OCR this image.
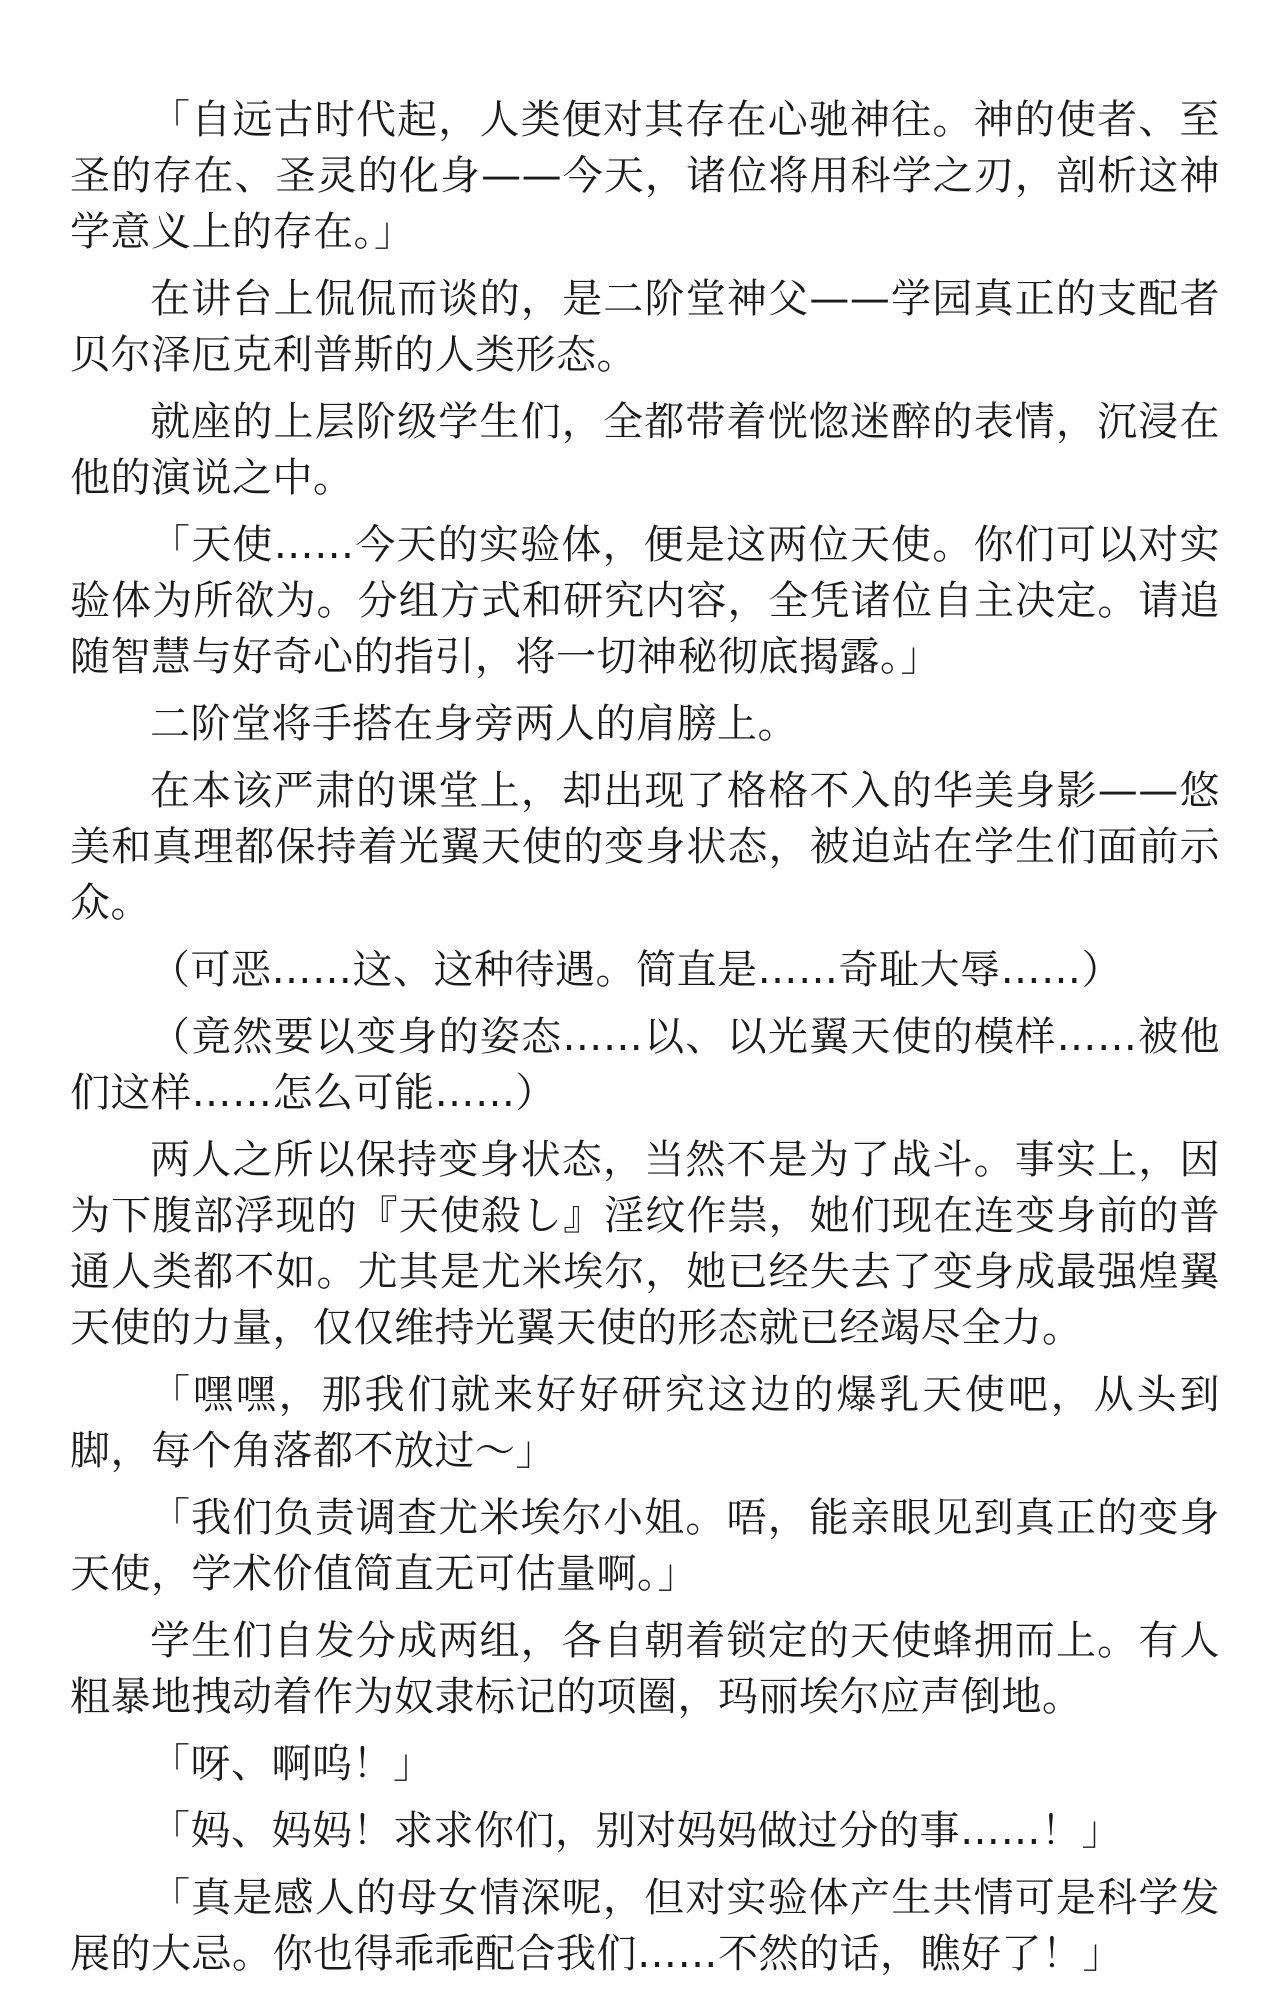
「自远古时代起，人类便对其存在心驰神往。神的使者、至圣的存在、圣灵的化身——今天，诸位将用科学之刃，剖析这神学意义上的存在。」

在讲台上侃侃而谈的，是二阶堂神父——学园真正的支配者贝尔泽厄克利普斯的人类形态。

就座的上层阶级学生们，全都带着恍惚迷醉的表情，沉浸在他的演说之中。

「天使……今天的实验体，便是这两位天使。你们可以对实验体为所欲为。分组方式和研究内容，全凭诸位自主决定。请追随智慧与好奇心的指引，将一切神秘彻底揭露。」

二阶堂将手搭在身旁两人的肩膀上。

在本该严肃的课堂上，却出现了格格不入的华美身影——悠美和真理都保持着光翼天使的变身状态，被迫站在学生们面前示众。

（可恶……这、这种待遇。简直是……奇耻大辱……）

（竟然要以变身的姿态……以、以光翼天使的模样……被他们这样……怎么可能……）

两人之所以保持变身状态，当然不是为了战斗。事实上，因为下腹部浮现的『天使殺し』淫纹作祟，她们现在连变身前的普通人类都不如。尤其是尤米埃尔，她已经失去了变身成最强煌翼天使的力量，仅仅维持光翼天使的形态就已经竭尽全力。

「嘿嘿，那我们就来好好研究这边的爆乳天使吧，从头到脚，每个角落都不放过～」

「我们负责调查尤米埃尔小姐。唔，能亲眼见到真正的变身天使，学术价值简直无可估量啊。」

学生们自发分成两组，各自朝着锁定的天使蜂拥而上。有人粗暴地拽动着作为奴隶标记的项圈，玛丽埃尔应声倒地。

「呀、啊呜！」

「妈、妈妈！求求你们，别对妈妈做过分的事……！」

「真是感人的母女情深呢，但对实验体产生共情可是科学发展的大忌。你也得乖乖配合我们……不然的话，瞧好了！」
